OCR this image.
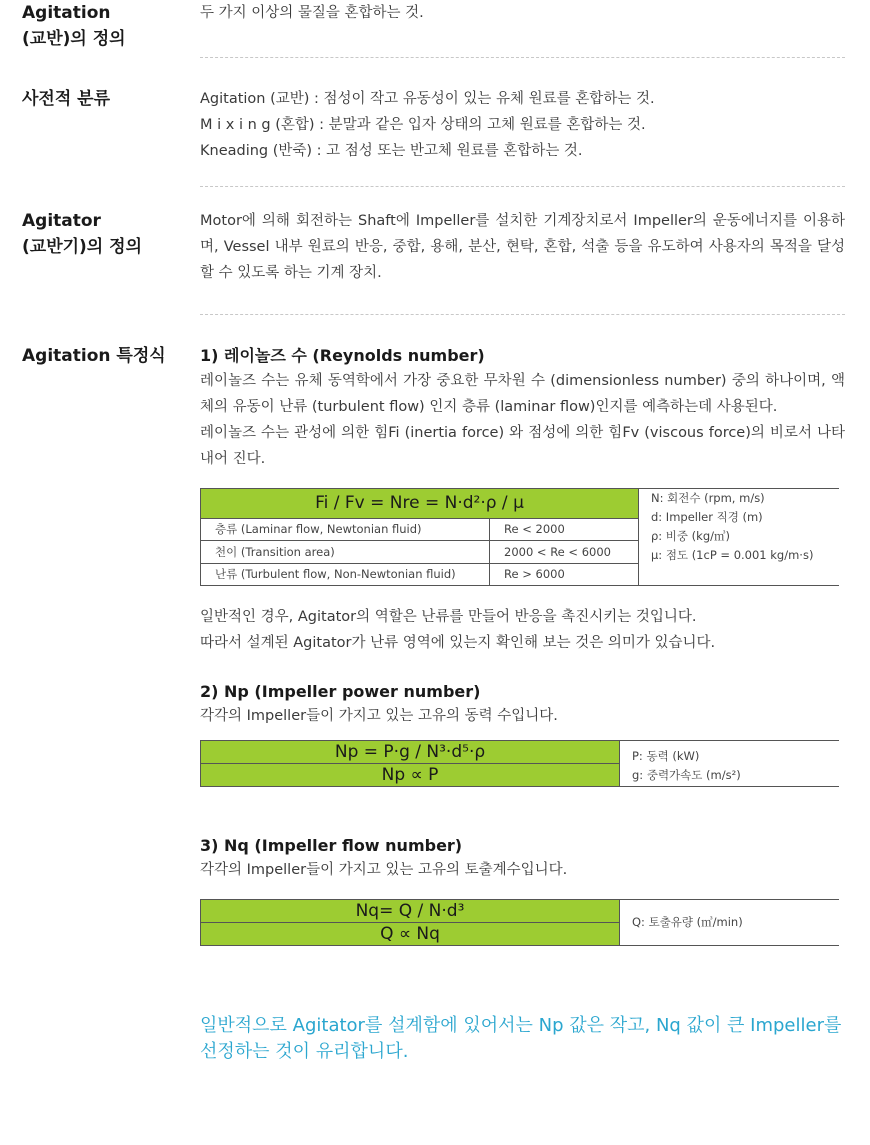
Agitation
(교반)의 정의

두 가지 이상의 물질을 혼합하는 것.

사전적 분류	Agitation (교반) : 점성이 작고 유동성이 있는 유체 원료를 혼합하는 것.

M i x i n g (혼합) : 분말과 같은 입자 상태의 고체 원료를 혼합하는 것.

Kneading (반죽) : 고 점성 또는 반고체 원료를 혼합하는 것.

Agitator
(교반기)의 정의

Motor에 의해 회전하는 Shaft에 Impeller를 설치한 기계장치로서 Impeller의 운동에너지를 이용하며, Vessel 내부 원료의 반응, 중합, 용해, 분산, 현탁, 혼합, 석출 등을 유도하여 사용자의 목적을 달성할 수 있도록 하는 기계 장치.

Agitation 특정식 1) 레이놀즈 수 (Reynolds number)

레이놀즈 수는 유체 동역학에서 가장 중요한 무차원 수 (dimensionless number) 중의 하나이며, 액체의 유동이 난류 (turbulent flow) 인지 층류 (laminar flow)인지를 예측하는데 사용된다.

레이놀즈 수는 관성에 의한 힘Fi (inertia force) 와 점성에 의한 힘Fv (viscous force)의 비로서 나타내어 진다.

Fi / Fv = Nre = N·d²·ρ / μ		N: 회전수 (rpm, m/s)
d: Impeller 직경 (m)
ρ: 비중 (kg/㎥)
μ: 점도 (1cP = 0.001 kg/m·s)

층류 (Laminar flow, Newtonian fluid)	Re < 2000	
천이 (Transition area)	2000 < Re < 6000	
난류 (Turbulent flow, Non-Newtonian fluid)	Re > 6000	

일반적인 경우, Agitator의 역할은 난류를 만들어 반응을 촉진시키는 것입니다.

따라서 설계된 Agitator가 난류 영역에 있는지 확인해 보는 것은 의미가 있습니다.

2) Np (Impeller power number)

각각의 Impeller들이 가지고 있는 고유의 동력 수입니다.

Np = P·g / N³·d⁵·ρ	P: 동력 (kW)
g: 중력가속도 (m/s²)

Np ∝ P
3) Nq (Impeller flow number)

각각의 Impeller들이 가지고 있는 고유의 토출계수입니다.

Nq= Q / N·d³	
Q: 토출유량 (㎥/min)

Q ∝ Nq
일반적으로 Agitator를 설계함에 있어서는 Np 값은 작고, Nq 값이 큰 Impeller를 선정하는 것이 유리합니다.
